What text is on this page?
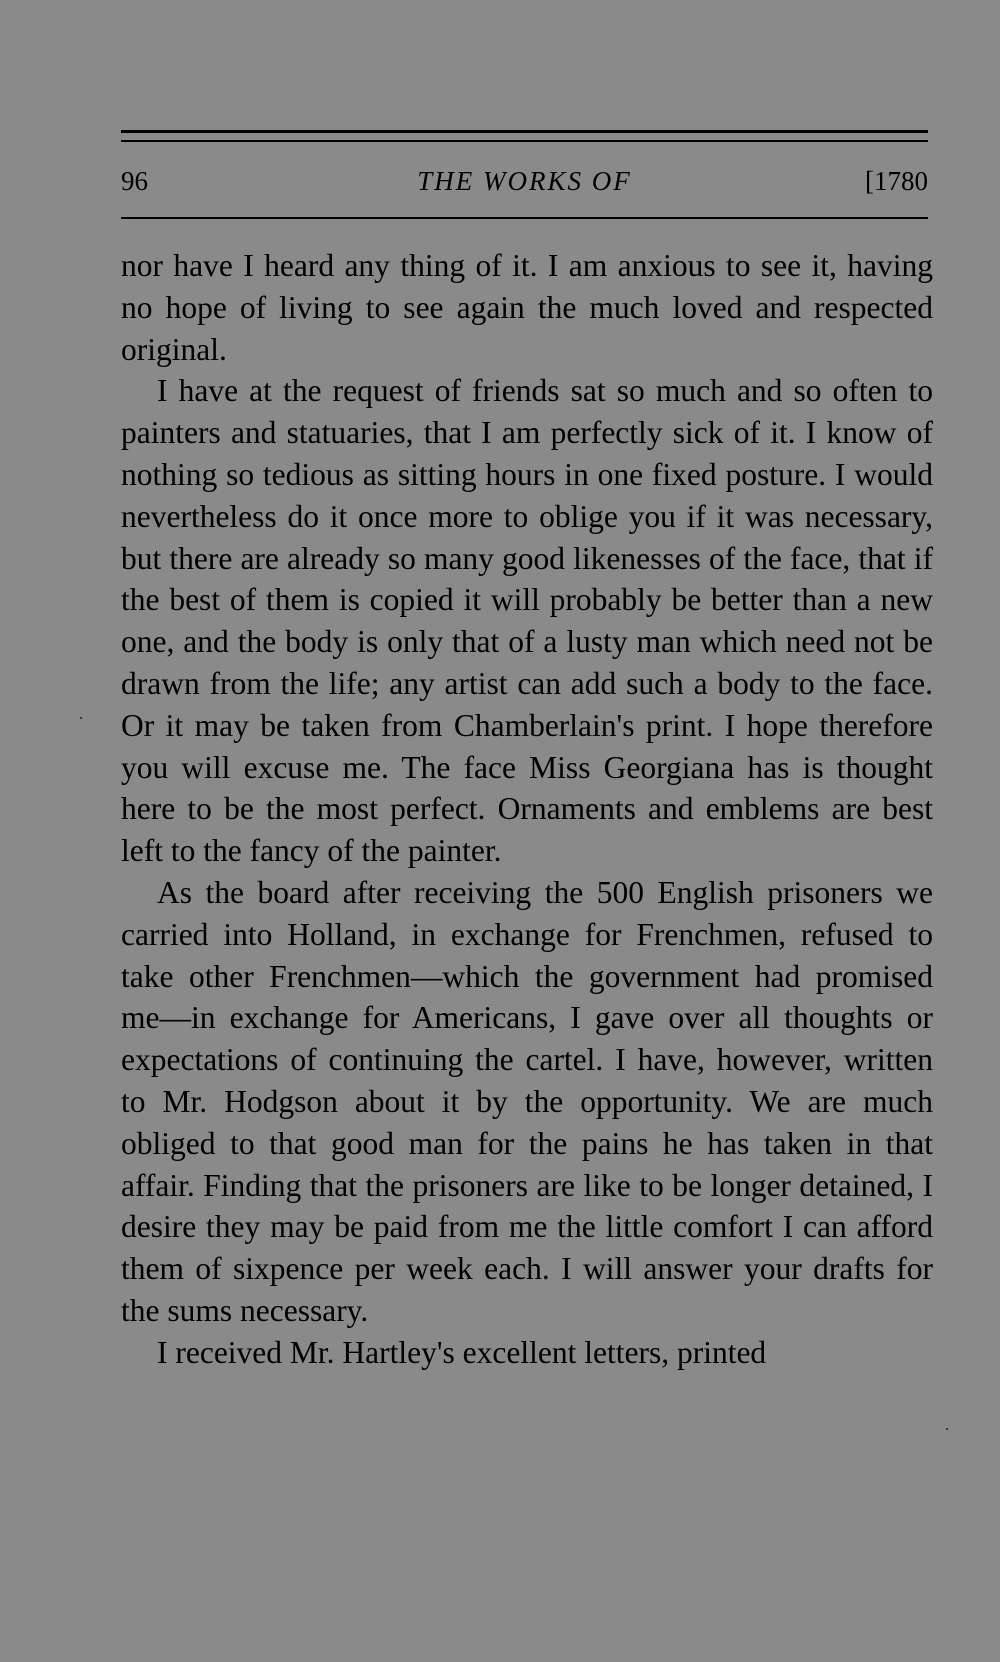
96	THE WORKS OF	[1780

nor have I heard any thing of it. I am anxious to see it, having no hope of living to see again the much loved and respected original.

I have at the request of friends sat so much and so often to painters and statuaries, that I am perfectly sick of it. I know of nothing so tedious as sitting hours in one fixed posture. I would nevertheless do it once more to oblige you if it was necessary, but there are already so many good likenesses of the face, that if the best of them is copied it will probably be better than a new one, and the body is only that of a lusty man which need not be drawn from the life; any artist can add such a body to the face. Or it may be taken from Chamberlain's print. I hope therefore you will excuse me. The face Miss Georgiana has is thought here to be the most perfect. Ornaments and emblems are best left to the fancy of the painter.

As the board after receiving the 500 English prisoners we carried into Holland, in exchange for Frenchmen, refused to take other Frenchmen—which the government had promised me—in exchange for Americans, I gave over all thoughts or expectations of continuing the cartel. I have, however, written to Mr. Hodgson about it by the opportunity. We are much obliged to that good man for the pains he has taken in that affair. Finding that the prisoners are like to be longer detained, I desire they may be paid from me the little comfort I can afford them of sixpence per week each. I will answer your drafts for the sums necessary.

I received Mr. Hartley's excellent letters, printed
